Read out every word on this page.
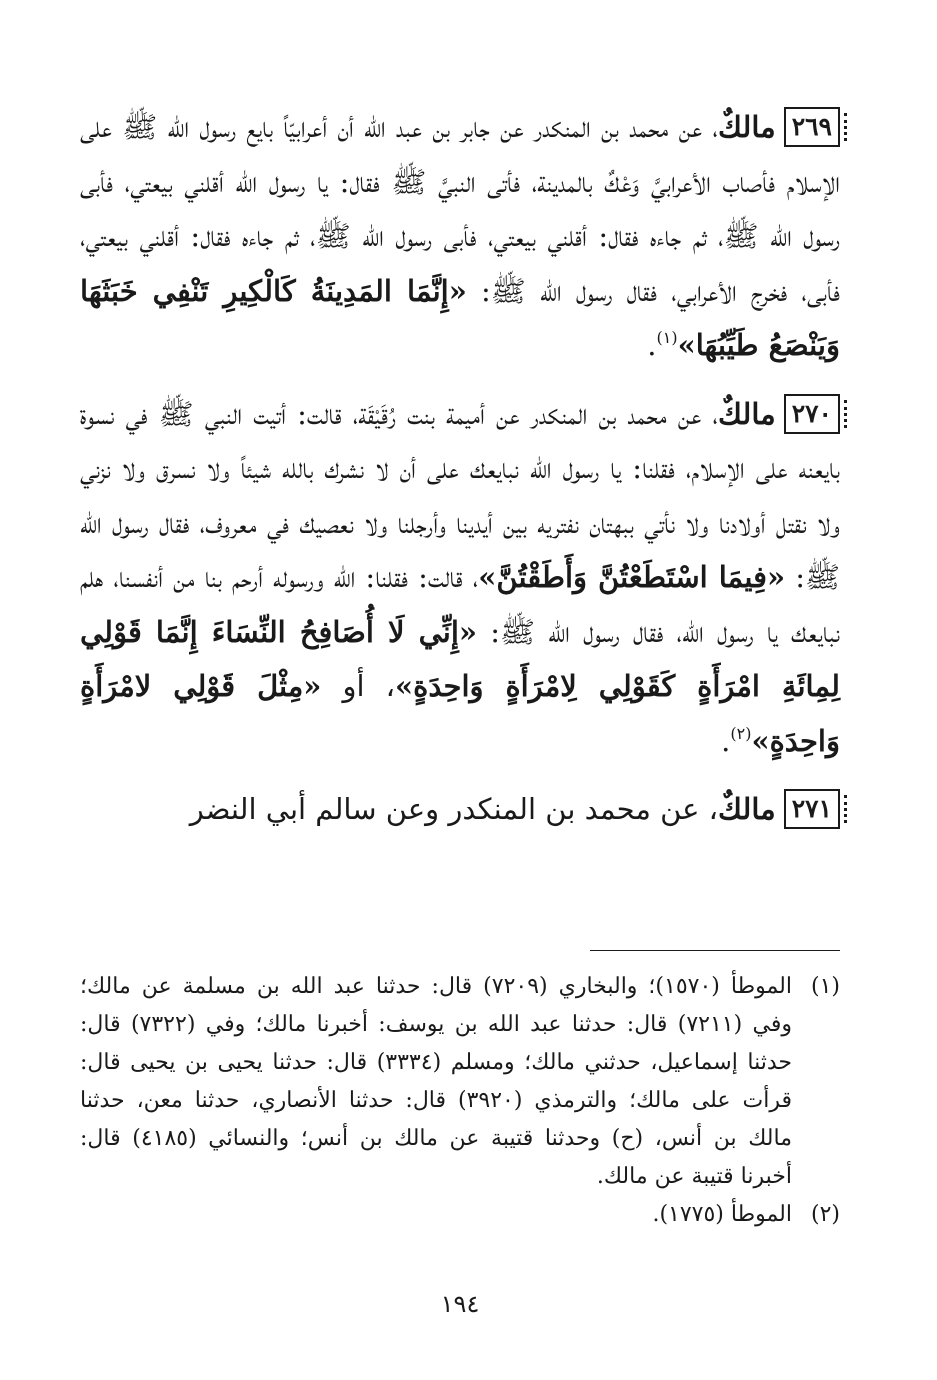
٢٦٩مالكٌ، عن محمد بن المنكدر عن جابر بن عبد الله أن أعرابيّاً بايع رسول الله ﷺ على الإسلام فأصاب الأعرابيَّ وَعْكٌ بالمدينة، فأتى النبيَّ ﷺ فقال: يا رسول الله أقلني بيعتي، فأبى رسول الله ﷺ، ثم جاءه فقال: أقلني بيعتي، فأبى رسول الله ﷺ، ثم جاءه فقال: أقلني بيعتي، فأبى، فخرج الأعرابي، فقال رسول الله ﷺ: «إِنَّمَا المَدِينَةُ كَالْكِيرِ تَنْفِي خَبَثَهَا وَيَنْصَعُ طَيِّبُهَا»$^{(١)}$.

٢٧٠مالكٌ، عن محمد بن المنكدر عن أميمة بنت رُقَيْقَة، قالت: أتيت النبي ﷺ في نسوة بايعنه على الإسلام، فقلنا: يا رسول الله نبايعك على أن لا نشرك بالله شيئاً ولا نسرق ولا نزني ولا نقتل أولادنا ولا نأتي ببهتان نفتريه بين أيدينا وأرجلنا ولا نعصيك في معروف، فقال رسول الله ﷺ: «فِيمَا اسْتَطَعْتُنَّ وَأَطَقْتُنَّ»، قالت: فقلنا: الله ورسوله أرحم بنا من أنفسنا، هلم نبايعك يا رسول الله، فقال رسول الله ﷺ: «إِنِّي لَا أُصَافِحُ النِّسَاءَ إِنَّمَا قَوْلِي لِمِائَةِ امْرَأَةٍ كَقَوْلِي لِامْرَأَةٍ وَاحِدَةٍ»، أو «مِثْلَ قَوْلِي لامْرَأَةٍ وَاحِدَةٍ»$^{(٢)}$.

٢٧١مالكٌ، عن محمد بن المنكدر وعن سالم أبي النضر

(١)
الموطأ (١٥٧٠)؛ والبخاري (٧٢٠٩) قال: حدثنا عبد الله بن مسلمة عن مالك؛ وفي (٧٢١١) قال: حدثنا عبد الله بن يوسف: أخبرنا مالك؛ وفي (٧٣٢٢) قال: حدثنا إسماعيل، حدثني مالك؛ ومسلم (٣٣٣٤) قال: حدثنا يحيى بن يحيى قال: قرأت على مالك؛ والترمذي (٣٩٢٠) قال: حدثنا الأنصاري، حدثنا معن، حدثنا مالك بن أنس، (ح) وحدثنا قتيبة عن مالك بن أنس؛ والنسائي (٤١٨٥) قال: أخبرنا قتيبة عن مالك.
(٢)
الموطأ (١٧٧٥).
١٩٤
